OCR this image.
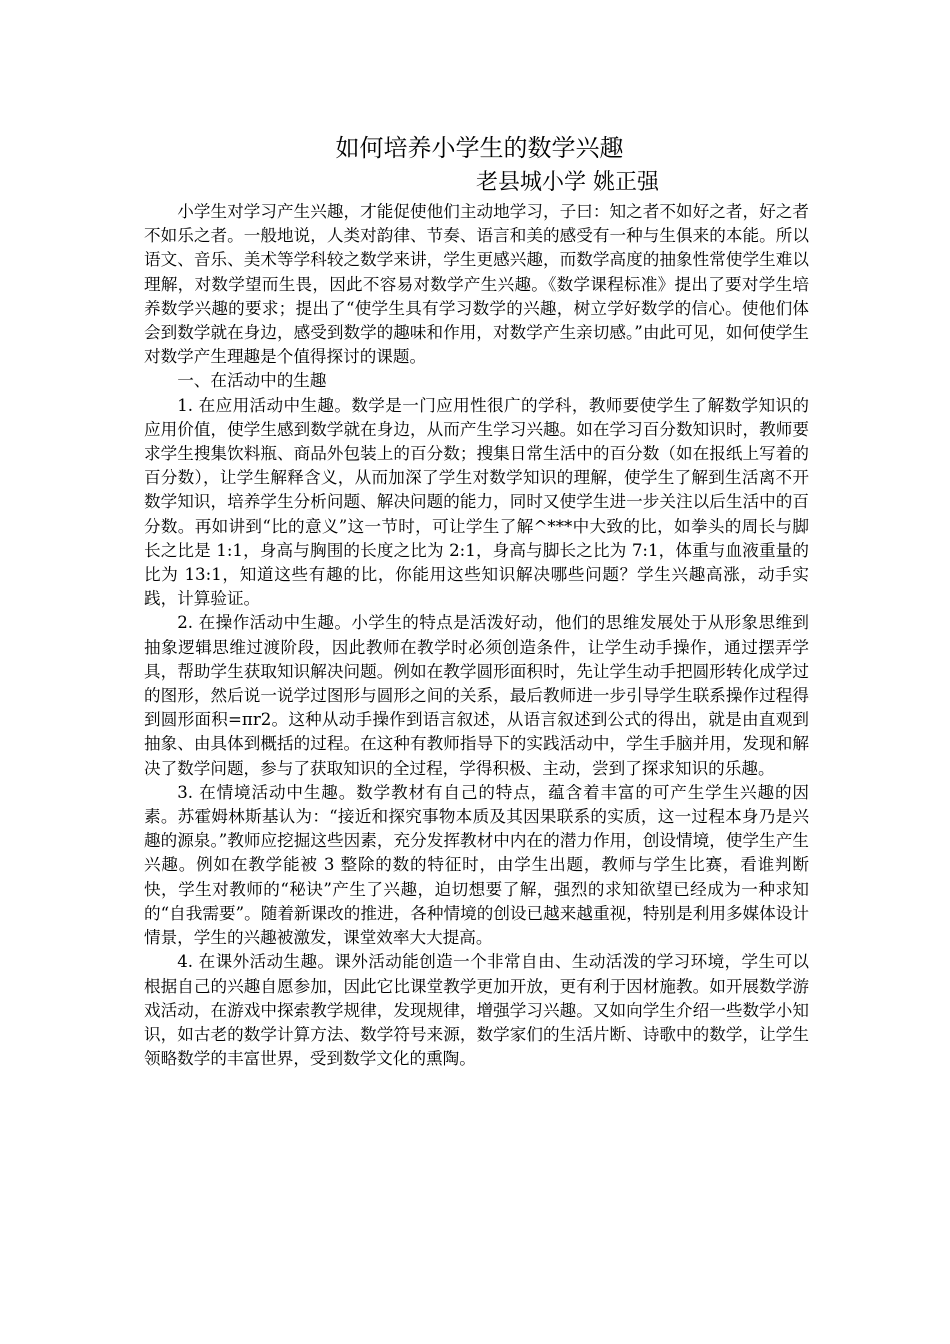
如何培养小学生的数学兴趣

老县城小学 姚正强

小学生对学习产生兴趣，才能促使他们主动地学习，子曰：知之者不如好之者，好之者不如乐之者。一般地说，人类对韵律、节奏、语言和美的感受有一种与生俱来的本能。所以语文、音乐、美术等学科较之数学来讲，学生更感兴趣，而数学高度的抽象性常使学生难以理解，对数学望而生畏，因此不容易对数学产生兴趣。《数学课程标准》提出了要对学生培养数学兴趣的要求；提出了“使学生具有学习数学的兴趣，树立学好数学的信心。使他们体会到数学就在身边，感受到数学的趣味和作用，对数学产生亲切感。”由此可见，如何使学生对数学产生理趣是个值得探讨的课题。

一、在活动中的生趣

1. 在应用活动中生趣。数学是一门应用性很广的学科，教师要使学生了解数学知识的应用价值，使学生感到数学就在身边，从而产生学习兴趣。如在学习百分数知识时，教师要求学生搜集饮料瓶、商品外包装上的百分数；搜集日常生活中的百分数（如在报纸上写着的百分数），让学生解释含义，从而加深了学生对数学知识的理解，使学生了解到生活离不开数学知识，培养学生分析问题、解决问题的能力，同时又使学生进一步关注以后生活中的百分数。再如讲到“比的意义”这一节时，可让学生了解^***中大致的比，如拳头的周长与脚长之比是 1:1，身高与胸围的长度之比为 2:1，身高与脚长之比为 7:1，体重与血液重量的比为 13:1，知道这些有趣的比，你能用这些知识解决哪些问题？学生兴趣高涨，动手实践，计算验证。

2. 在操作活动中生趣。小学生的特点是活泼好动，他们的思维发展处于从形象思维到抽象逻辑思维过渡阶段，因此教师在教学时必须创造条件，让学生动手操作，通过摆弄学具，帮助学生获取知识解决问题。例如在教学圆形面积时，先让学生动手把圆形转化成学过的图形，然后说一说学过图形与圆形之间的关系，最后教师进一步引导学生联系操作过程得到圆形面积=πr2。这种从动手操作到语言叙述，从语言叙述到公式的得出，就是由直观到抽象、由具体到概括的过程。在这种有教师指导下的实践活动中，学生手脑并用，发现和解决了数学问题，参与了获取知识的全过程，学得积极、主动，尝到了探求知识的乐趣。

3. 在情境活动中生趣。数学教材有自己的特点，蕴含着丰富的可产生学生兴趣的因素。苏霍姆林斯基认为：“接近和探究事物本质及其因果联系的实质，这一过程本身乃是兴趣的源泉。”教师应挖掘这些因素，充分发挥教材中内在的潜力作用，创设情境，使学生产生兴趣。例如在教学能被 3 整除的数的特征时，由学生出题，教师与学生比赛，看谁判断快，学生对教师的“秘诀”产生了兴趣，迫切想要了解，强烈的求知欲望已经成为一种求知的“自我需要”。随着新课改的推进，各种情境的创设已越来越重视，特别是利用多媒体设计情景，学生的兴趣被激发，课堂效率大大提高。

4. 在课外活动生趣。课外活动能创造一个非常自由、生动活泼的学习环境，学生可以根据自己的兴趣自愿参加，因此它比课堂教学更加开放，更有利于因材施教。如开展数学游戏活动，在游戏中探索教学规律，发现规律，增强学习兴趣。又如向学生介绍一些数学小知识，如古老的数学计算方法、数学符号来源，数学家们的生活片断、诗歌中的数学，让学生领略数学的丰富世界，受到数学文化的熏陶。
